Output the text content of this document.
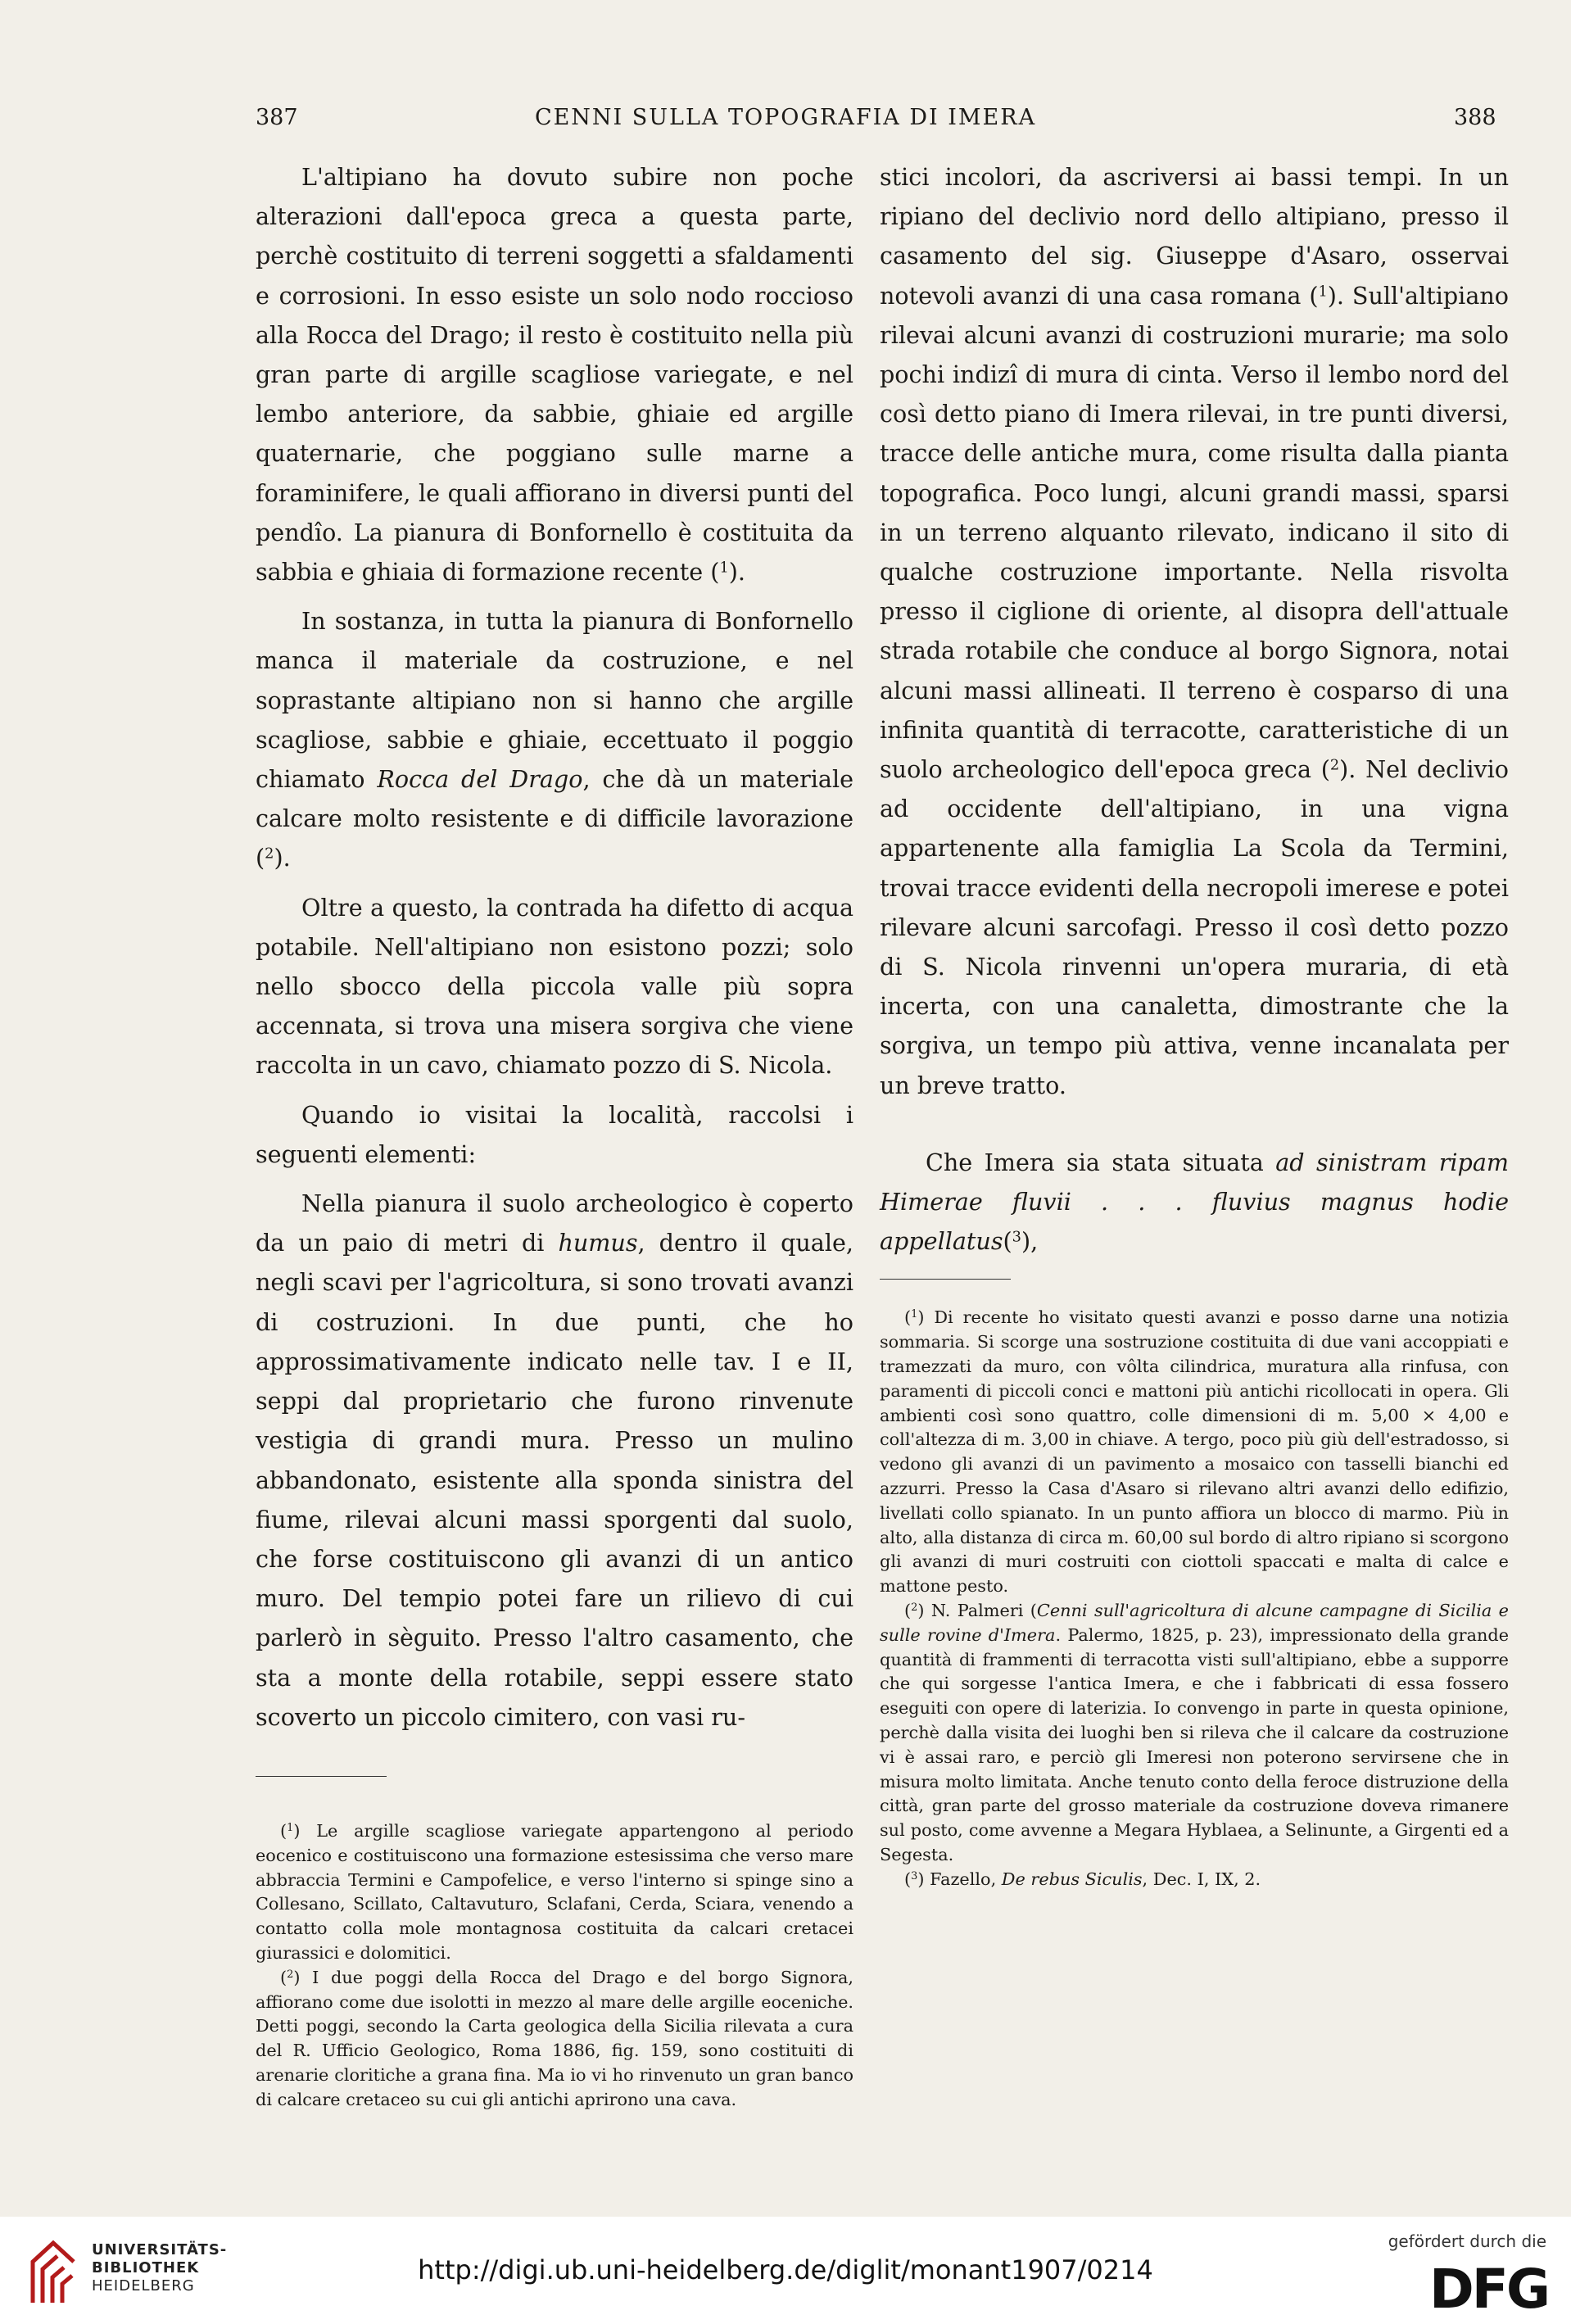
387	CENNI SULLA TOPOGRAFIA DI IMERA	388

L'altipiano ha dovuto subire non poche alterazioni dall'epoca greca a questa parte, perchè costituito di terreni soggetti a sfaldamenti e corrosioni. In esso esiste un solo nodo roccioso alla Rocca del Drago; il resto è costituito nella più gran parte di argille scagliose variegate, e nel lembo anteriore, da sabbie, ghiaie ed argille quaternarie, che poggiano sulle marne a foraminifere, le quali affiorano in diversi punti del pendîo. La pianura di Bonfornello è costituita da sabbia e ghiaia di formazione recente ($^1$).

In sostanza, in tutta la pianura di Bonfornello manca il materiale da costruzione, e nel soprastante altipiano non si hanno che argille scagliose, sabbie e ghiaie, eccettuato il poggio chiamato Rocca del Drago, che dà un materiale calcare molto resistente e di difficile lavorazione ($^2$).

Oltre a questo, la contrada ha difetto di acqua potabile. Nell'altipiano non esistono pozzi; solo nello sbocco della piccola valle più sopra accennata, si trova una misera sorgiva che viene raccolta in un cavo, chiamato pozzo di S. Nicola.

Quando io visitai la località, raccolsi i seguenti elementi:

Nella pianura il suolo archeologico è coperto da un paio di metri di humus, dentro il quale, negli scavi per l'agricoltura, si sono trovati avanzi di costruzioni. In due punti, che ho approssimativamente indicato nelle tav. I e II, seppi dal proprietario che furono rinvenute vestigia di grandi mura. Presso un mulino abbandonato, esistente alla sponda sinistra del fiume, rilevai alcuni massi sporgenti dal suolo, che forse costituiscono gli avanzi di un antico muro. Del tempio potei fare un rilievo di cui parlerò in sèguito. Presso l'altro casamento, che sta a monte della rotabile, seppi essere stato scoverto un piccolo cimitero, con vasi ru-

($^1$) Le argille scagliose variegate appartengono al periodo eocenico e costituiscono una formazione estesissima che verso mare abbraccia Termini e Campofelice, e verso l'interno si spinge sino a Collesano, Scillato, Caltavuturo, Sclafani, Cerda, Sciara, venendo a contatto colla mole montagnosa costituita da calcari cretacei giurassici e dolomitici.

($^2$) I due poggi della Rocca del Drago e del borgo Signora, affiorano come due isolotti in mezzo al mare delle argille eoceniche. Detti poggi, secondo la Carta geologica della Sicilia rilevata a cura del R. Ufficio Geologico, Roma 1886, fig. 159, sono costituiti di arenarie cloritiche a grana fina. Ma io vi ho rinvenuto un gran banco di calcare cretaceo su cui gli antichi aprirono una cava.

stici incolori, da ascriversi ai bassi tempi. In un ripiano del declivio nord dello altipiano, presso il casamento del sig. Giuseppe d'Asaro, osservai notevoli avanzi di una casa romana ($^1$). Sull'altipiano rilevai alcuni avanzi di costruzioni murarie; ma solo pochi indizî di mura di cinta. Verso il lembo nord del così detto piano di Imera rilevai, in tre punti diversi, tracce delle antiche mura, come risulta dalla pianta topografica. Poco lungi, alcuni grandi massi, sparsi in un terreno alquanto rilevato, indicano il sito di qualche costruzione importante. Nella risvolta presso il ciglione di oriente, al disopra dell'attuale strada rotabile che conduce al borgo Signora, notai alcuni massi allineati. Il terreno è cosparso di una infinita quantità di terracotte, caratteristiche di un suolo archeologico dell'epoca greca ($^2$). Nel declivio ad occidente dell'altipiano, in una vigna appartenente alla famiglia La Scola da Termini, trovai tracce evidenti della necropoli imerese e potei rilevare alcuni sarcofagi. Presso il così detto pozzo di S. Nicola rinvenni un'opera muraria, di età incerta, con una canaletta, dimostrante che la sorgiva, un tempo più attiva, venne incanalata per un breve tratto.

Che Imera sia stata situata ad sinistram ripam Himerae fluvii . . . fluvius magnus hodie appellatus($^3$),

($^1$) Di recente ho visitato questi avanzi e posso darne una notizia sommaria. Si scorge una sostruzione costituita di due vani accoppiati e tramezzati da muro, con vôlta cilindrica, muratura alla rinfusa, con paramenti di piccoli conci e mattoni più antichi ricollocati in opera. Gli ambienti così sono quattro, colle dimensioni di m. 5,00 × 4,00 e coll'altezza di m. 3,00 in chiave. A tergo, poco più giù dell'estradosso, si vedono gli avanzi di un pavimento a mosaico con tasselli bianchi ed azzurri. Presso la Casa d'Asaro si rilevano altri avanzi dello edifizio, livellati collo spianato. In un punto affiora un blocco di marmo. Più in alto, alla distanza di circa m. 60,00 sul bordo di altro ripiano si scorgono gli avanzi di muri costruiti con ciottoli spaccati e malta di calce e mattone pesto.

($^2$) N. Palmeri (Cenni sull'agricoltura di alcune campagne di Sicilia e sulle rovine d'Imera. Palermo, 1825, p. 23), impressionato della grande quantità di frammenti di terracotta visti sull'altipiano, ebbe a supporre che qui sorgesse l'antica Imera, e che i fabbricati di essa fossero eseguiti con opere di laterizia. Io convengo in parte in questa opinione, perchè dalla visita dei luoghi ben si rileva che il calcare da costruzione vi è assai raro, e perciò gli Imeresi non poterono servirsene che in misura molto limitata. Anche tenuto conto della feroce distruzione della città, gran parte del grosso materiale da costruzione doveva rimanere sul posto, come avvenne a Megara Hyblaea, a Selinunte, a Girgenti ed a Segesta.

($^3$) Fazello, De rebus Siculis, Dec. I, IX, 2.

UNIVERSITÄTS-
BIBLIOTHEK
HEIDELBERG
http://digi.ub.uni-heidelberg.de/diglit/monant1907/0214
gefördert durch die
DFG
